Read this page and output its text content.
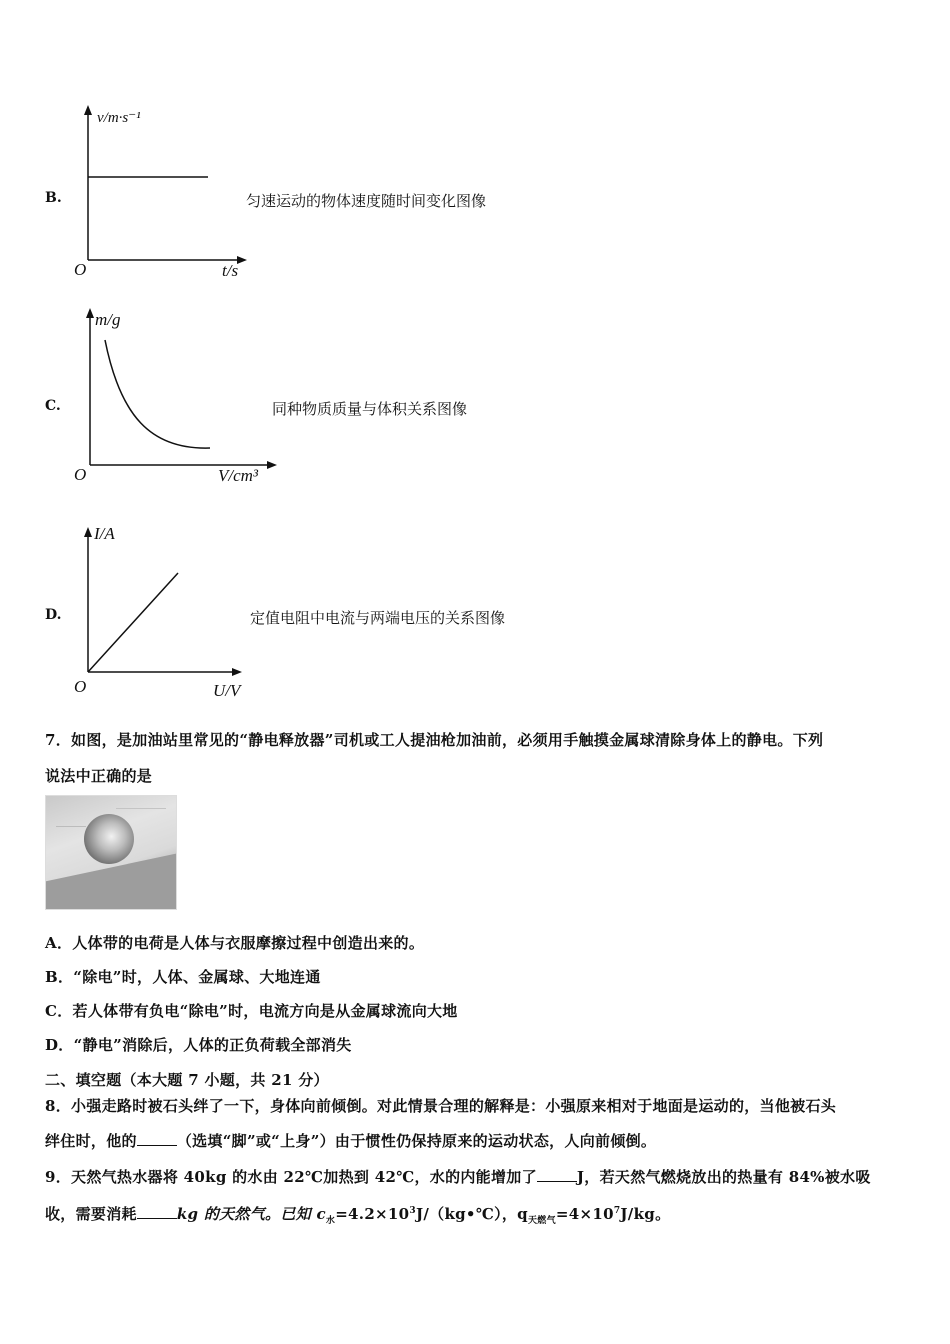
B.
v/m·s⁻¹
O	t/s
匀速运动的物体速度随时间变化图像
C.
m/g
O	V/cm³
同种物质质量与体积关系图像
D.
I/A
O	U/V
定值电阻中电流与两端电压的关系图像
7．如图，是加油站里常见的“静电释放器”司机或工人提油枪加油前，必须用手触摸金属球清除身体上的静电。下列
说法中正确的是
A．人体带的电荷是人体与衣服摩擦过程中创造出来的。
B．“除电”时，人体、金属球、大地连通
C．若人体带有负电“除电”时，电流方向是从金属球流向大地
D．“静电”消除后，人体的正负荷载全部消失
二、填空题（本大题 7 小题，共 21 分）
8．小强走路时被石头绊了一下，身体向前倾倒。对此情景合理的解释是：小强原来相对于地面是运动的，当他被石头
绊住时，他的	（选填“脚”或“上身”）由于惯性仍保持原来的运动状态，人向前倾倒。
9．天然气热水器将 40kg 的水由 22℃加热到 42℃，水的内能增加了	J，若天然气燃烧放出的热量有 84%被水吸
收，需要消耗	kg 的天然气。已知 $c_水=4.2\times 10^3J/(kg•℃)$，$q_{天燃气}=4\times 10^7J/kg$。
